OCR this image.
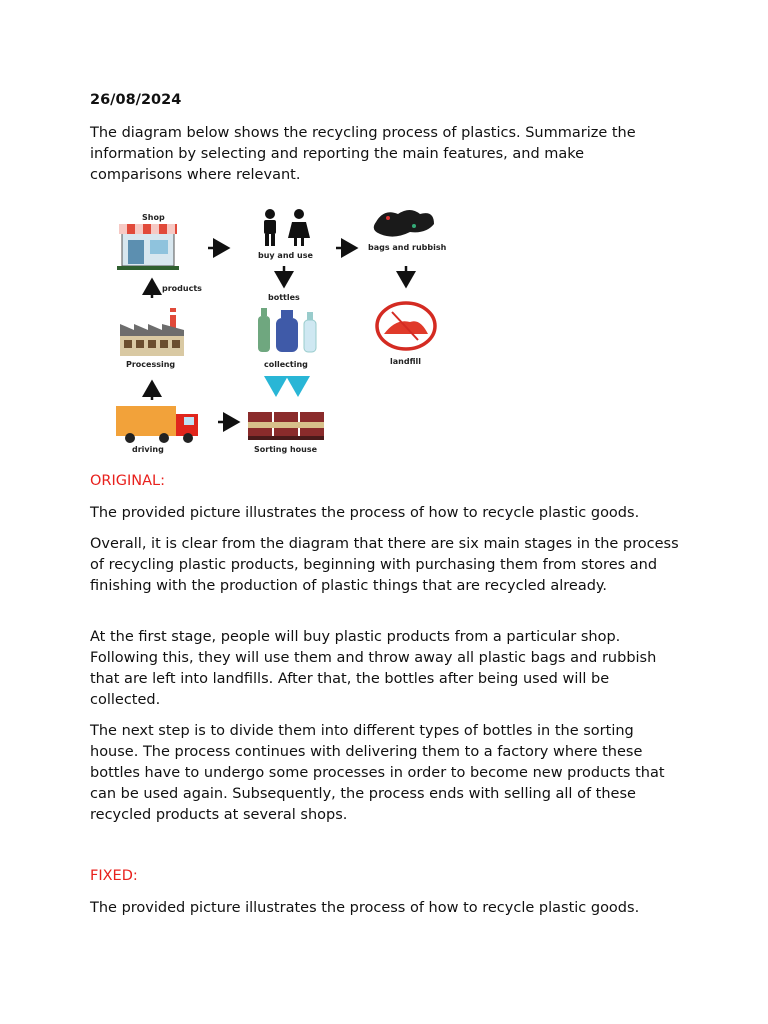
26/08/2024

The diagram below shows the recycling process of plastics. Summarize the information by selecting and reporting the main features, and make comparisons where relevant.

Shop
buy and use
bags and rubbish
products
bottles
Processing	collecting	landfill
driving	Sorting house
ORIGINAL:

The provided picture illustrates the process of how to recycle plastic goods.

Overall, it is clear from the diagram that there are six main stages in the process of recycling plastic products, beginning with purchasing them from stores and finishing with the production of plastic things that are recycled already.

At the first stage, people will buy plastic products from a particular shop. Following this, they will use them and throw away all plastic bags and rubbish that are left into landfills. After that, the bottles after being used will be collected.

The next step is to divide them into different types of bottles in the sorting house. The process continues with delivering them to a factory where these bottles have to undergo some processes in order to become new products that can be used again. Subsequently, the process ends with selling all of these recycled products at several shops.

FIXED:

The provided picture illustrates the process of how to recycle plastic goods.
